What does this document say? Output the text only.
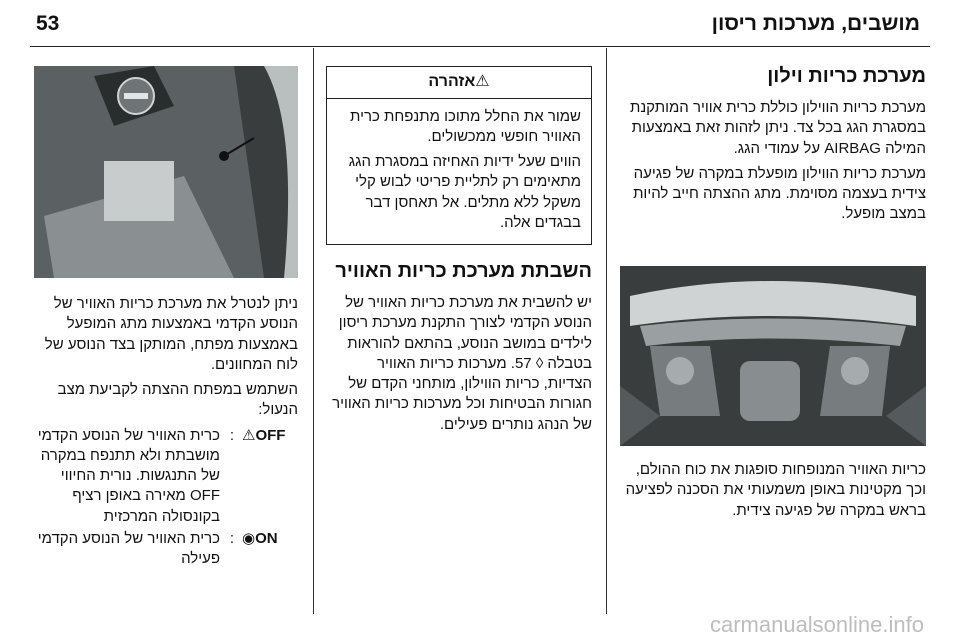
53	מושבים, מערכות ריסון
מערכת כריות וילון

מערכת כריות הווילון כוללת כרית אוויר המותקנת במסגרת הגג בכל צד. ניתן לזהות זאת באמצעות המילה AIRBAG על עמודי הגג.

מערכת כריות הווילון מופעלת במקרה של פגיעה צידית בעצמה מסוימת. מתג ההצתה חייב להיות במצב מופעל.

כריות האוויר המנופחות סופגות את כוח ההולם, וכך מקטינות באופן משמעותי את הסכנה לפציעה בראש במקרה של פגיעה צידית.

⚠אזהרה

שמור את החלל מתוכו מתנפחת כרית האוויר חופשי ממכשולים.

הווים שעל ידיות האחיזה במסגרת הגג מתאימים רק לתליית פריטי לבוש קלי משקל ללא מתלים. אל תאחסן דבר בבגדים אלה.

השבתת מערכת כריות האוויר

יש להשבית את מערכת כריות האוויר של הנוסע הקדמי לצורך התקנת מערכת ריסון לילדים במושב הנוסע, בהתאם להוראות בטבלה ◊ 57. מערכות כריות האוויר הצדיות, כריות הווילון, מותחני הקדם של חגורות הבטיחות וכל מערכות כריות האוויר של הנהג נותרים פעילים.

ניתן לנטרל את מערכת כריות האוויר של הנוסע הקדמי באמצעות מתג המופעל באמצעות מפתח, המותקן בצד הנוסע של לוח המחוונים.

השתמש במפתח ההצתה לקביעת מצב הנעול:

⚠OFF
:
כרית האוויר של הנוסע הקדמי מושבתת ולא תתנפח במקרה של התנגשות. נורית החיווי OFF מאירה באופן רציף בקונסולה המרכזית
◉ON
:
כרית האוויר של הנוסע הקדמי פעילה
carmanualsonline.info
